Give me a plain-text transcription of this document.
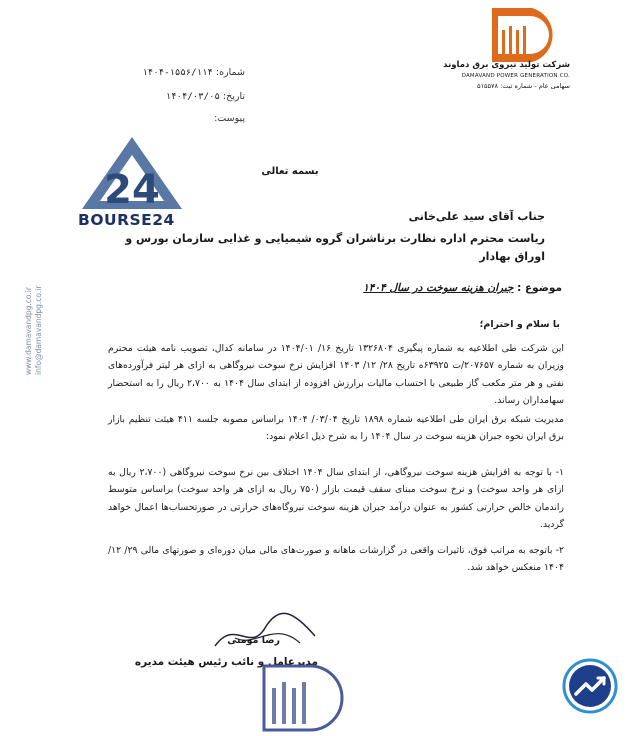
شرکت تولید نیروی برق دماوند
DAMAVAND POWER GENERATION CO.
سهامی عام - شماره ثبت: ۵۱۵۵۷۸
شماره: ۱۵۵۶/۱۱۴-۱۴۰۴
تاریخ: ۱۴۰۴/۰۳/۰۵
پیوست:
24
BOURSE24
www.damavandpg.co.ir info@damavandpg.co.ir
بسمه تعالی
جناب آقای سید علی‌خانی
ریاست محترم اداره نظارت برناشران گروه شیمیایی و غذایی سازمان بورس و اوراق بهادار
موضوع : جبران هزینه سوخت در سال ۱۴۰۴
با سلام و احترام؛
این شرکت طی اطلاعیه به شماره پیگیری ۱۳۲۶۸۰۴ تاریخ ۱۶/ ۱۴۰۴/۰۱ در سامانه کدال، تصویب نامه هیئت محترم وزیران به شماره ۲۰۷۶۵۷/ت ۶۳۹۲۵ه تاریخ ۲۸/ ۱۲/ ۱۴۰۳ افزایش نرخ سوخت نیروگاهی به ازای هر لیتر فرآورده‌های نفتی و هر متر مکعب گاز طبیعی با احتساب مالیات برارزش افزوده از ابتدای سال ۱۴۰۴ به ۲،۷۰۰ ریال را به استحضار سهامداران رساند.
مدیریت شبکه برق ایران طی اطلاعیه شماره ۱۸۹۸ تاریخ ۰۳/۰۴/ ۱۴۰۴ براساس مصوبه جلسه ۴۱۱ هیئت تنظیم بازار برق ایران نحوه جبران هزینه سوخت در سال ۱۴۰۴ را به شرح ذیل اعلام نمود:
۱- با توجه به افزایش هزینه سوخت نیروگاهی، از ابتدای سال ۱۴۰۴ اختلاف بین نرخ سوخت نیروگاهی (۲،۷۰۰ ریال به ازای هر واحد سوخت) و نرخ سوخت مبنای سقف قیمت بازار (۷۵۰ ریال به ازای هر واحد سوخت) براساس متوسط راندمان خالص حرارتی کشور به عنوان درآمد جبران هزینه سوخت نیروگاه‌های حرارتی در صورتحساب‌ها اعمال خواهد گردید.
۲- باتوجه به مراتب فوق، تاثیرات واقعی در گزارشات ماهانه و صورت‌های مالی میان دوره‌ای و صورتهای مالی ۲۹/ ۱۲/ ۱۴۰۴ منعکس خواهد شد.
رضا مومنی
مدیرعامل و نائب رئیس هیئت مدیره
